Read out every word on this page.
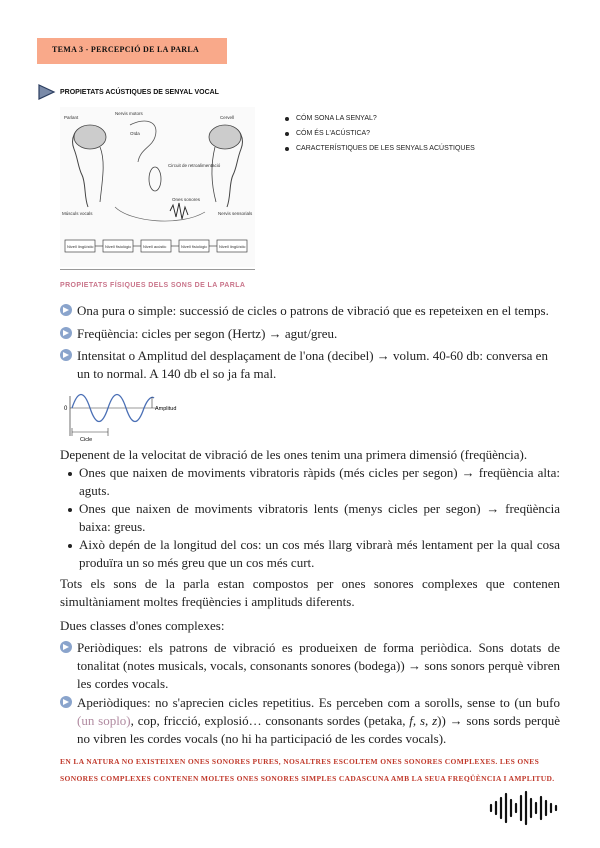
TEMA 3 - PERCEPCIÓ DE LA PARLA
PROPIETATS ACÚSTIQUES DE SENYAL VOCAL
Parlant
Nervis motors
Oïda
Cervell
Circuit de retroalimentació
Ones sonores
Músculs vocals	Nervis sensorials
Nivell lingüístic	Nivell fisiològic	Nivell acústic	Nivell fisiològic	Nivell lingüístic
CÓM SONA LA SENYAL?
CÓM ÉS L'ACÚSTICA?
CARACTERÍSTIQUES DE LES SENYALS ACÚSTIQUES
PROPIETATS FÍSIQUES DELS SONS DE LA PARLA
Ona pura o simple: successió de cicles o patrons de vibració que es repeteixen en el temps.
Freqüència: cicles per segon (Hertz) → agut/greu.
Intensitat o Amplitud del desplaçament de l'ona (decibel) → volum. 40-60 db: conversa en un to normal. A 140 db el so ja fa mal.
0	Amplitud
Cicle
Depenent de la velocitat de vibració de les ones tenim una primera dimensió (freqüència).
Ones que naixen de moviments vibratoris ràpids (més cicles per segon) → freqüència alta: aguts.
Ones que naixen de moviments vibratoris lents (menys cicles per segon) → freqüència baixa: greus.
Això depén de la longitud del cos: un cos més llarg vibrarà més lentament per la qual cosa produïra un so més greu que un cos més curt.
Tots els sons de la parla estan compostos per ones sonores complexes que contenen simultàniament moltes freqüències i amplituds diferents.
Dues classes d'ones complexes:
Periòdiques: els patrons de vibració es produeixen de forma periòdica. Sons dotats de tonalitat (notes musicals, vocals, consonants sonores (bodega)) → sons sonors perquè vibren les cordes vocals.
Aperiòdiques: no s'aprecien cicles repetitius. Es perceben com a sorolls, sense to (un bufo (un soplo), cop, fricció, explosió… consonants sordes (petaka, f, s, z)) → sons sords perquè no vibren les cordes vocals (no hi ha participació de les cordes vocals).
EN LA NATURA NO EXISTEIXEN ONES SONORES PURES, NOSALTRES ESCOLTEM ONES SONORES COMPLEXES. LES ONES SONORES COMPLEXES CONTENEN MOLTES ONES SONORES SIMPLES CADASCUNA AMB LA SEUA FREQÜÈNCIA I AMPLITUD.
